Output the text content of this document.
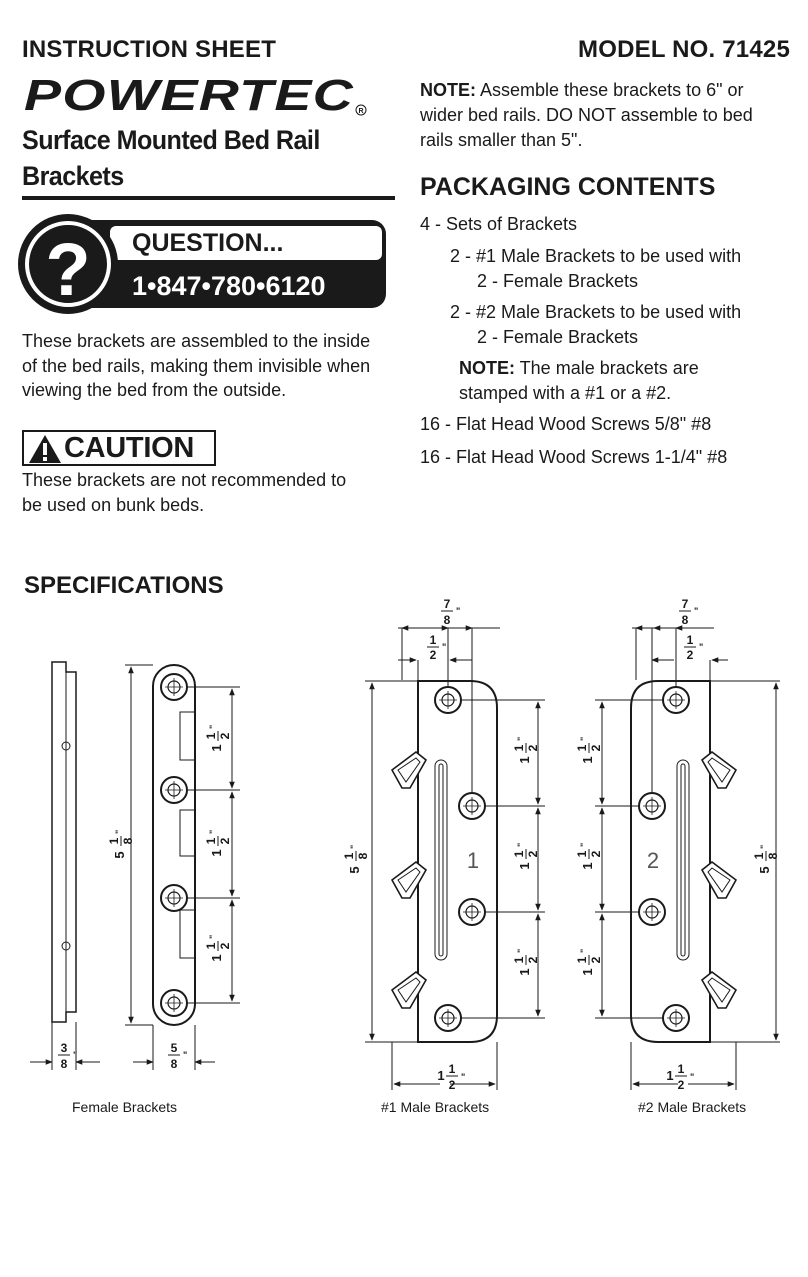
INSTRUCTION SHEET	MODEL NO. 71425
POWERTEC R
Surface Mounted Bed Rail
Brackets
? QUESTION...
1•847•780•6120
These brackets are assembled to the inside
of the bed rails, making them invisible when
viewing the bed from the outside.
CAUTION
These brackets are not recommended to
be used on bunk beds.
NOTE: Assemble these brackets to 6" or
wider bed rails. DO NOT assemble to bed
rails smaller than 5".
PACKAGING CONTENTS
4 - Sets of Brackets
2 - #1 Male Brackets to be used with
2 - Female Brackets
2 - #2 Male Brackets to be used with
2 - Female Brackets
NOTE: The male brackets are
stamped with a #1 or a #2.
16 - Flat Head Wood Screws 5/8" #8
16 - Flat Head Wood Screws 1-1/4" #8
SPECIFICATIONS
1	2
3
8
"	5
8
"
5
1 8
"
1
1 2
"
1
1 2
"
1
1 2
"
7
8
"
1
2
"
5
1 8
"
1
1 2
"
1
1 2
"
1
1 2
"
1 1
2
"
7
8
"
1
2
"
5
1 8
"
1
1 2
"
1
1 2
"
1
1 2
"
1 1
2
"
Female Brackets	#1 Male Brackets	#2 Male Brackets
